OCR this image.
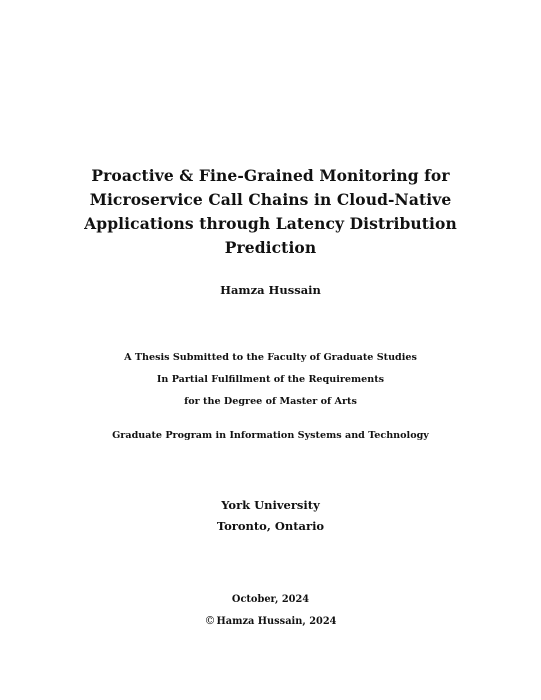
Proactive & Fine-Grained Monitoring for
Microservice Call Chains in Cloud-Native
Applications through Latency Distribution
Prediction
Hamza Hussain
A Thesis Submitted to the Faculty of Graduate Studies
In Partial Fulfillment of the Requirements
for the Degree of Master of Arts
Graduate Program in Information Systems and Technology
York University
Toronto, Ontario
October, 2024
©Hamza Hussain, 2024
